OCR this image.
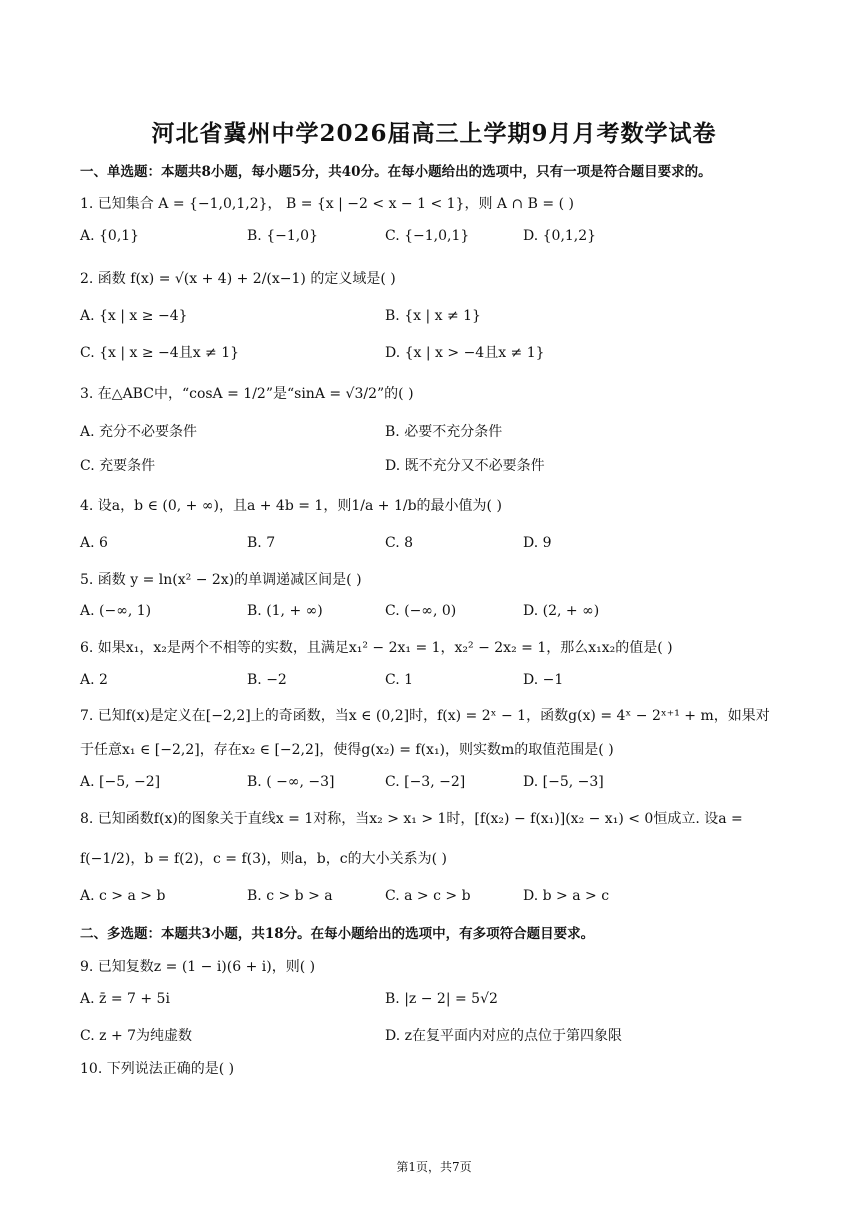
河北省冀州中学2026届高三上学期9月月考数学试卷
一、单选题：本题共8小题，每小题5分，共40分。在每小题给出的选项中，只有一项是符合题目要求的。
1. 已知集合 A = {−1,0,1,2}， B = {x | −2 < x − 1 < 1}，则 A ∩ B = ( )
A. {0,1}	B. {−1,0}	C. {−1,0,1}	D. {0,1,2}
2. 函数 f(x) = √(x + 4) + 2/(x−1) 的定义域是( )
A. {x | x ≥ −4}	B. {x | x ≠ 1}
C. {x | x ≥ −4且x ≠ 1}	D. {x | x > −4且x ≠ 1}
3. 在△ABC中，“cosA = 1/2”是“sinA = √3/2”的( )
A. 充分不必要条件	B. 必要不充分条件
C. 充要条件	D. 既不充分又不必要条件
4. 设a，b ∈ (0, + ∞)，且a + 4b = 1，则1/a + 1/b的最小值为( )
A. 6	B. 7	C. 8	D. 9
5. 函数 y = ln(x² − 2x)的单调递减区间是( )
A. (−∞, 1)	B. (1, + ∞)	C. (−∞, 0)	D. (2, + ∞)
6. 如果x₁，x₂是两个不相等的实数，且满足x₁² − 2x₁ = 1，x₂² − 2x₂ = 1，那么x₁x₂的值是( )
A. 2	B. −2	C. 1	D. −1
7. 已知f(x)是定义在[−2,2]上的奇函数，当x ∈ (0,2]时，f(x) = 2ˣ − 1，函数g(x) = 4ˣ − 2ˣ⁺¹ + m，如果对
于任意x₁ ∈ [−2,2]，存在x₂ ∈ [−2,2]，使得g(x₂) = f(x₁)，则实数m的取值范围是( )
A. [−5, −2]	B. ( −∞, −3]	C. [−3, −2]	D. [−5, −3]
8. 已知函数f(x)的图象关于直线x = 1对称，当x₂ > x₁ > 1时，[f(x₂) − f(x₁)](x₂ − x₁) < 0恒成立. 设a =
f(−1/2)，b = f(2)，c = f(3)，则a，b，c的大小关系为( )
A. c > a > b	B. c > b > a	C. a > c > b	D. b > a > c
二、多选题：本题共3小题，共18分。在每小题给出的选项中，有多项符合题目要求。
9. 已知复数z = (1 − i)(6 + i)，则( )
A. z̄ = 7 + 5i	B. |z − 2| = 5√2
C. z + 7为纯虚数	D. z在复平面内对应的点位于第四象限
10. 下列说法正确的是( )
第1页，共7页
